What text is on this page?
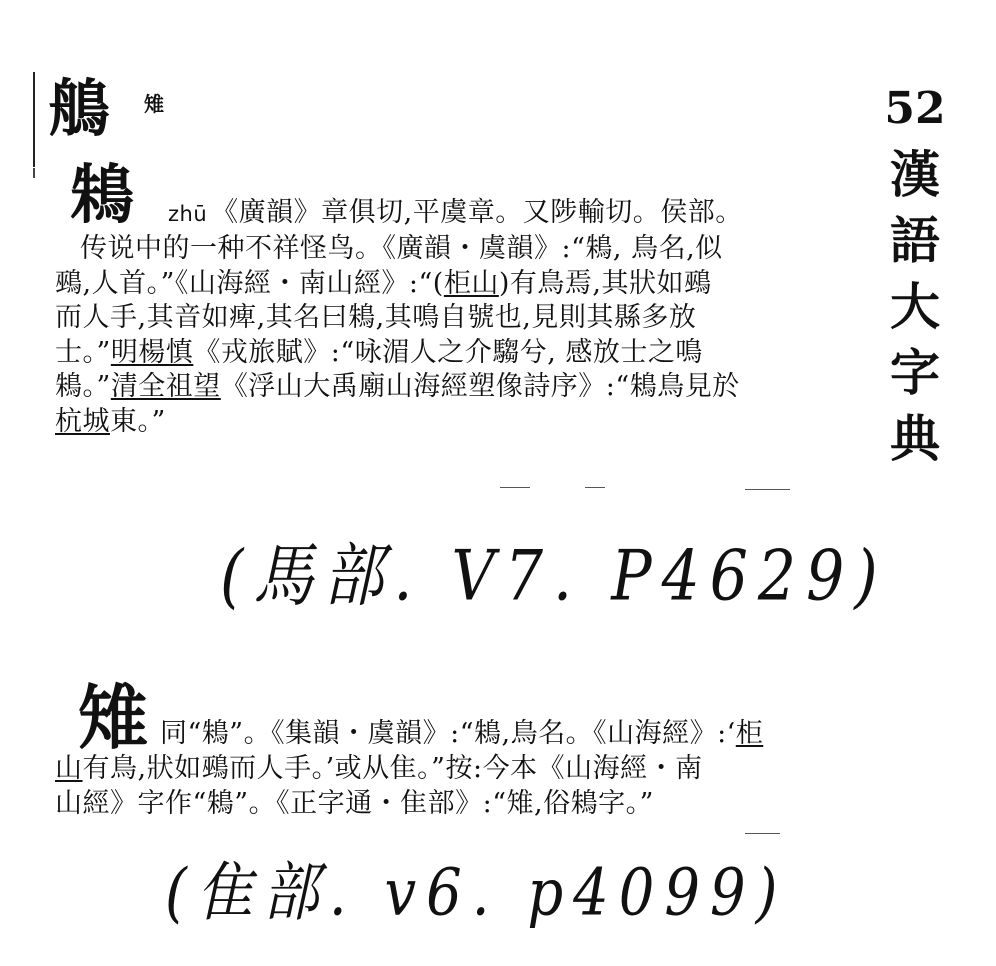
鵃 雉	52
漢
語
大
字
典
鴸 zhū 《廣韻》章俱切,平虞章。又陟輸切。侯部。
传说中的一种不祥怪鸟。《廣韻・虞韻》:“鴸, 鳥名,似
鵐,人首。”《山海經・南山經》:“(柜山)有鳥焉,其狀如鵐
而人手,其音如痺,其名曰鴸,其鳴自號也,見則其縣多放
士。”明楊慎《戎旅賦》:“咏湄人之介騶兮, 感放士之鳴
鴸。”清全祖望《浮山大禹廟山海經塑像詩序》:“鴸鳥見於
杭城東。”
(馬部. V7. P4629)
雉 同“鴸”。《集韻・虞韻》:“鴸,鳥名。《山海經》:‘柜
山有鳥,狀如鵐而人手。’或从隹。”按:今本《山海經・南
山經》字作“鴸”。《正字通・隹部》:“雉,俗鴸字。”
(隹部. v6. p4099)
